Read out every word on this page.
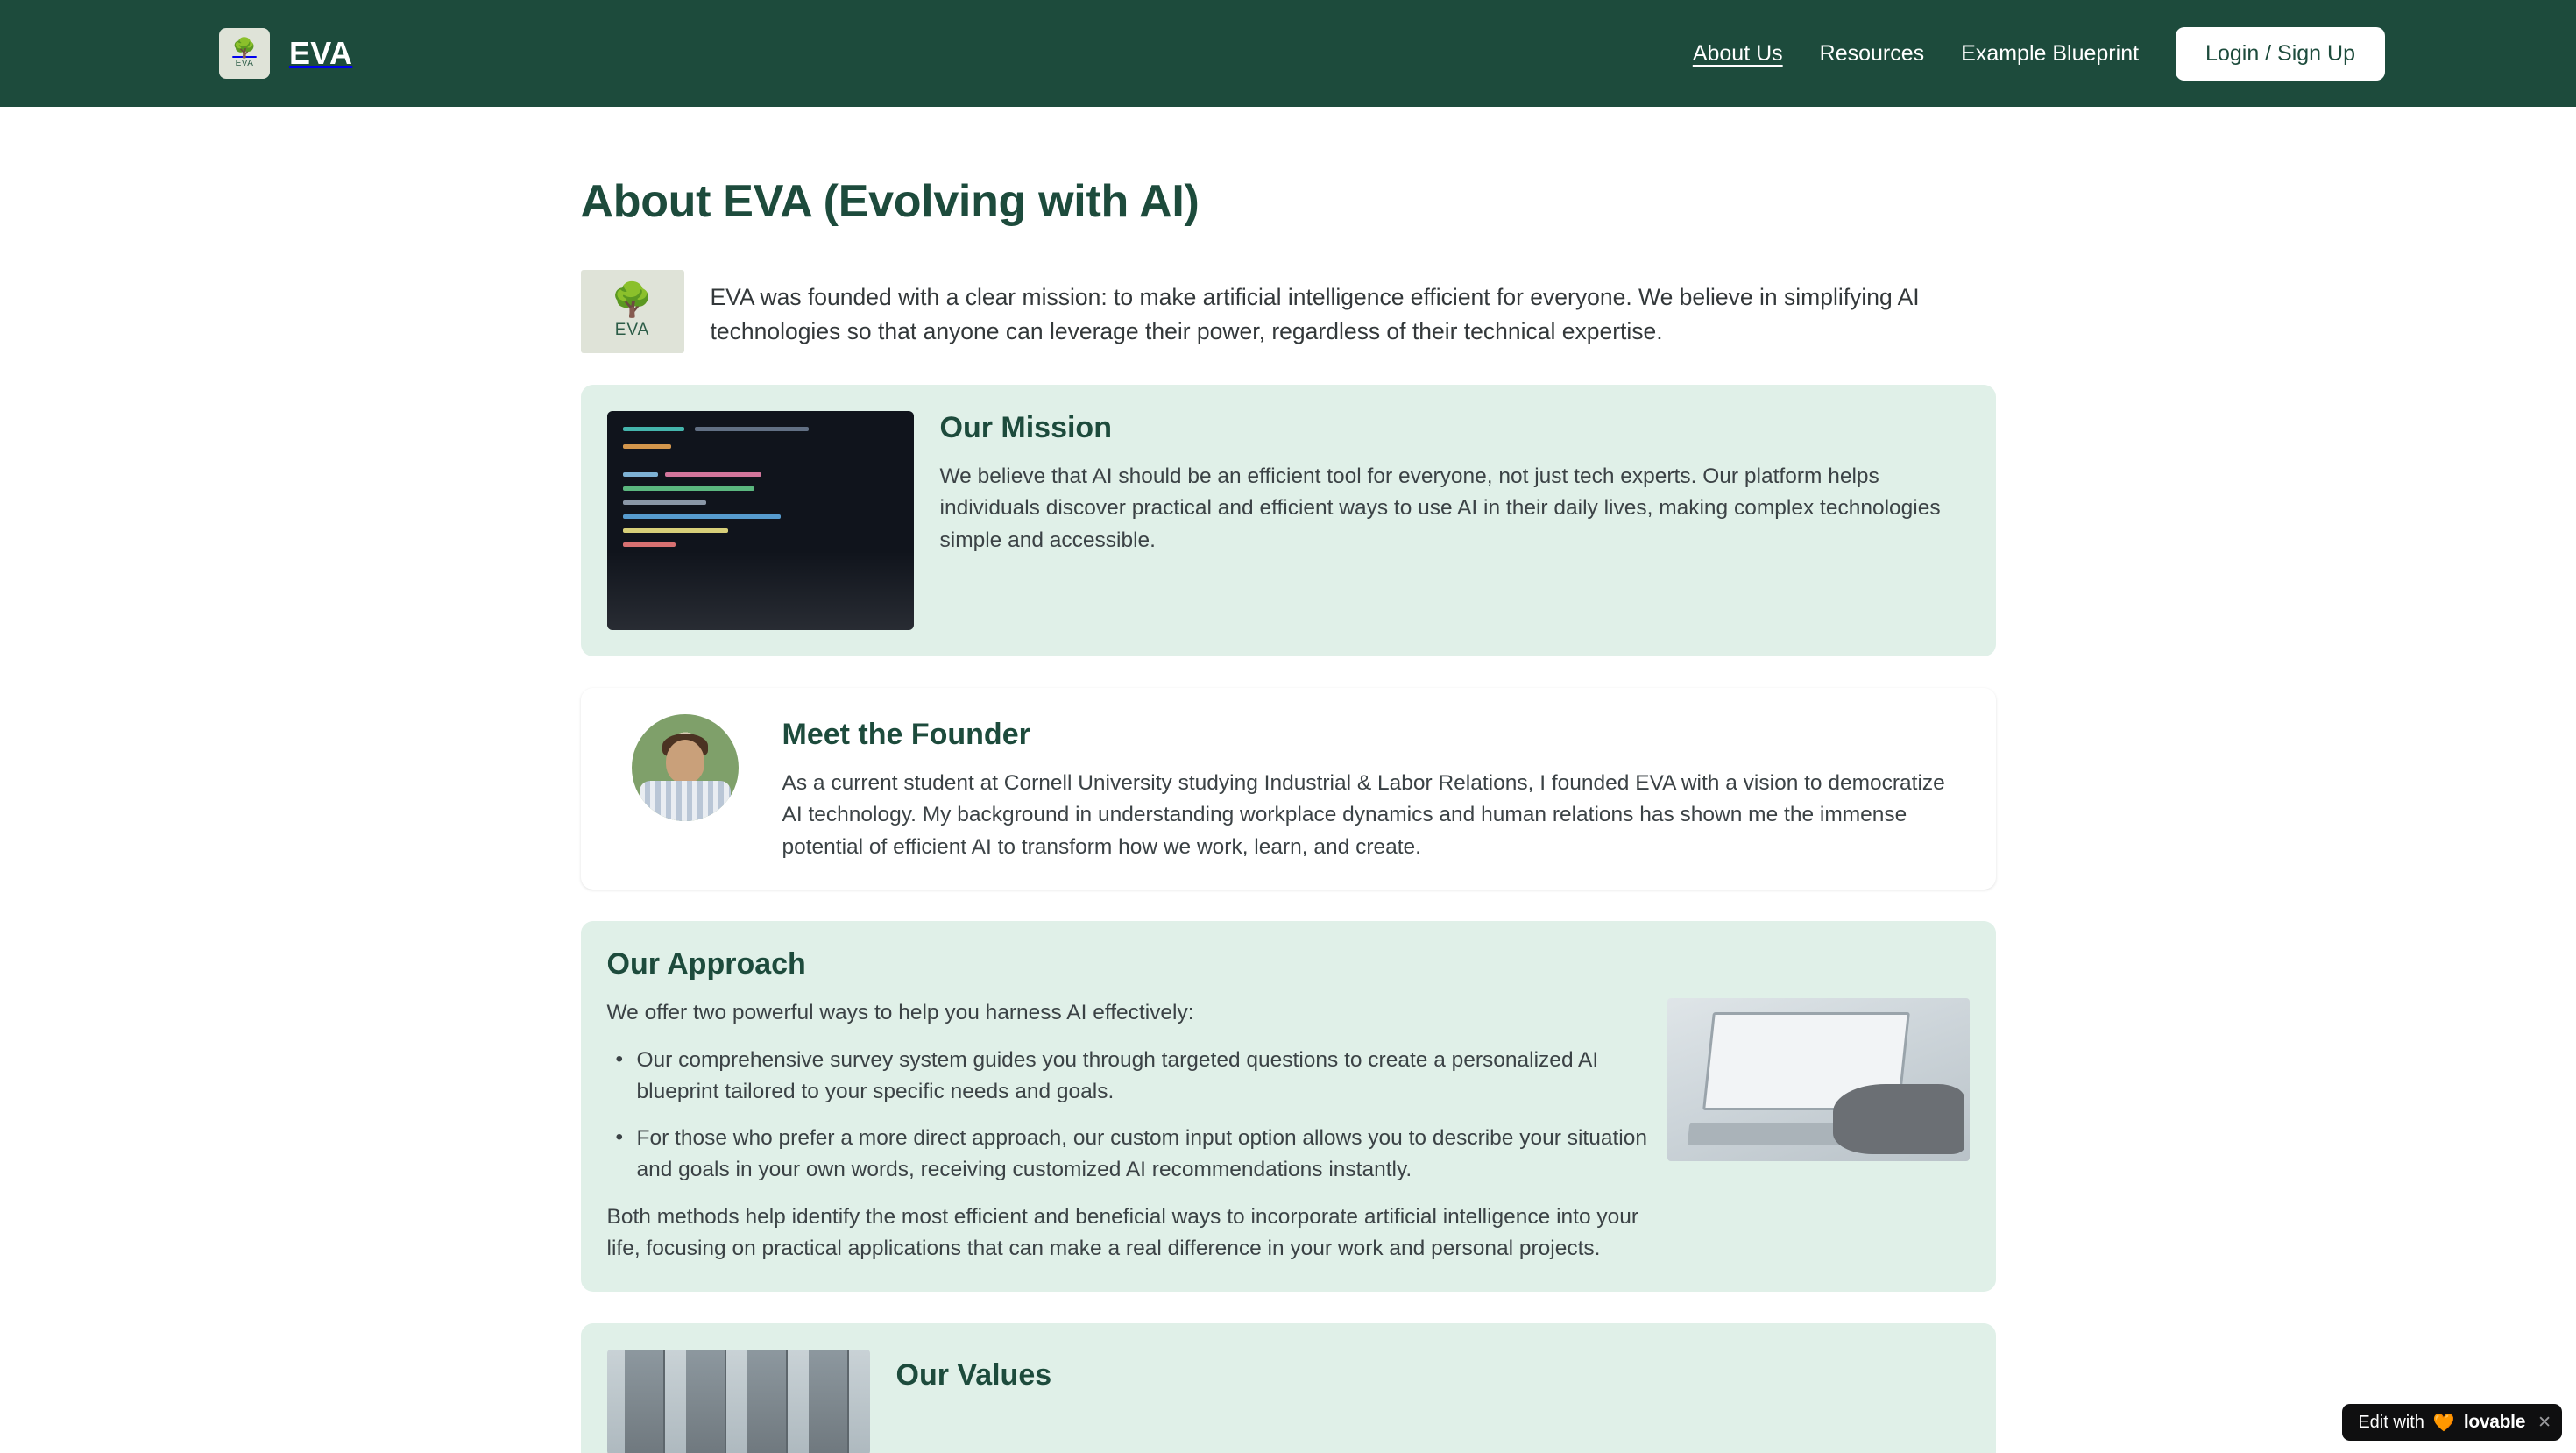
🌳
EVA EVA	About Us Resources Example Blueprint	Login / Sign Up
About EVA (Evolving with AI)
🌳
EVA
EVA was founded with a clear mission: to make artificial intelligence efficient for everyone. We believe in simplifying AI technologies so that anyone can leverage their power, regardless of their technical expertise.
Our Mission

We believe that AI should be an efficient tool for everyone, not just tech experts. Our platform helps individuals discover practical and efficient ways to use AI in their daily lives, making complex technologies simple and accessible.

Meet the Founder

As a current student at Cornell University studying Industrial & Labor Relations, I founded EVA with a vision to democratize AI technology. My background in understanding workplace dynamics and human relations has shown me the immense potential of efficient AI to transform how we work, learn, and create.

Our Approach

We offer two powerful ways to help you harness AI effectively:

• Our comprehensive survey system guides you through targeted questions to create a personalized AI blueprint tailored to your specific needs and goals.
• For those who prefer a more direct approach, our custom input option allows you to describe your situation and goals in your own words, receiving customized AI recommendations instantly.

Both methods help identify the most efficient and beneficial ways to incorporate artificial intelligence into your life, focusing on practical applications that can make a real difference in your work and personal projects.

Our Values
Edit with 🧡 lovable ✕
